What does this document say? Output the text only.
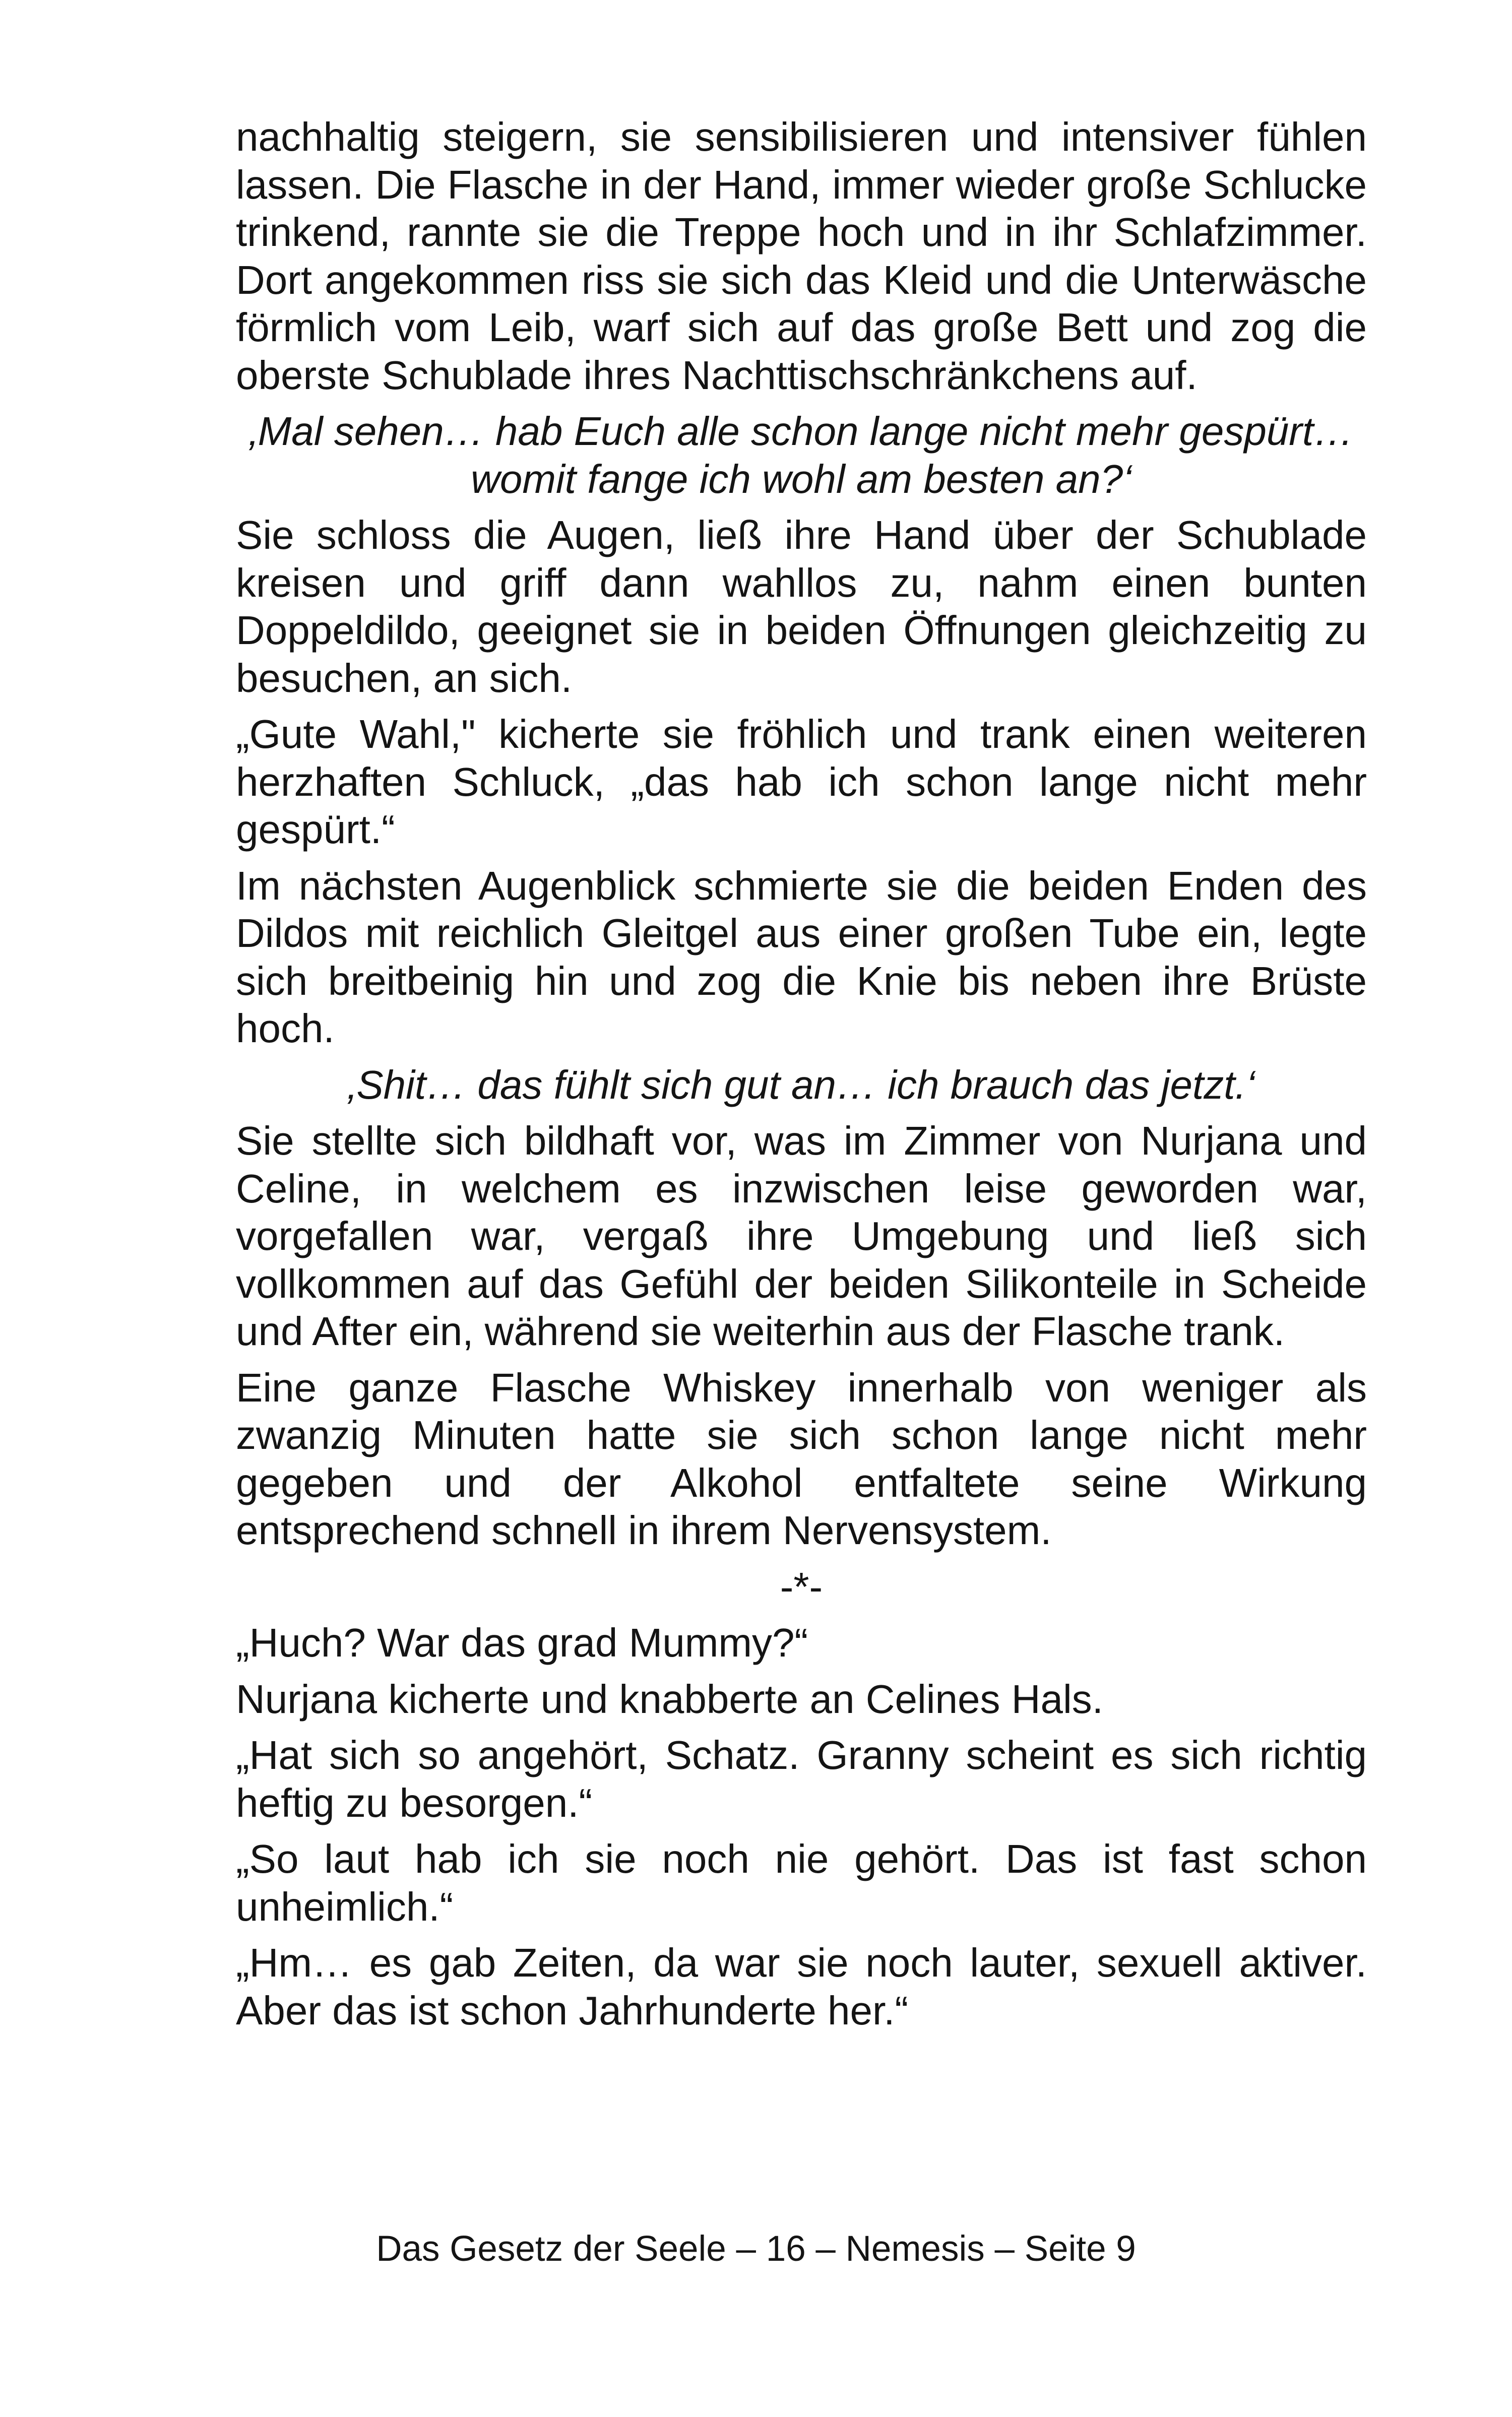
nachhaltig steigern, sie sensibilisieren und intensiver fühlen lassen. Die Flasche in der Hand, immer wieder große Schlucke trinkend, rannte sie die Treppe hoch und in ihr Schlafzimmer. Dort angekommen riss sie sich das Kleid und die Unterwäsche förmlich vom Leib, warf sich auf das große Bett und zog die oberste Schublade ihres Nachttischschränkchens auf.

‚Mal sehen… hab Euch alle schon lange nicht mehr gespürt…
womit fange ich wohl am besten an?‘

Sie schloss die Augen, ließ ihre Hand über der Schublade kreisen und griff dann wahllos zu, nahm einen bunten Doppeldildo, geeignet sie in beiden Öffnungen gleichzeitig zu besuchen, an sich.

„Gute Wahl," kicherte sie fröhlich und trank einen weiteren herzhaften Schluck, „das hab ich schon lange nicht mehr gespürt.“

Im nächsten Augenblick schmierte sie die beiden Enden des Dildos mit reichlich Gleitgel aus einer großen Tube ein, legte sich breitbeinig hin und zog die Knie bis neben ihre Brüste hoch.

‚Shit… das fühlt sich gut an… ich brauch das jetzt.‘

Sie stellte sich bildhaft vor, was im Zimmer von Nurjana und Celine, in welchem es inzwischen leise geworden war, vorgefallen war, vergaß ihre Umgebung und ließ sich vollkommen auf das Gefühl der beiden Silikonteile in Scheide und After ein, während sie weiterhin aus der Flasche trank.

Eine ganze Flasche Whiskey innerhalb von weniger als zwanzig Minuten hatte sie sich schon lange nicht mehr gegeben und der Alkohol entfaltete seine Wirkung entsprechend schnell in ihrem Nervensystem.

-*-

„Huch? War das grad Mummy?“

Nurjana kicherte und knabberte an Celines Hals.

„Hat sich so angehört, Schatz. Granny scheint es sich richtig heftig zu besorgen.“

„So laut hab ich sie noch nie gehört. Das ist fast schon unheimlich.“

„Hm… es gab Zeiten, da war sie noch lauter, sexuell aktiver. Aber das ist schon Jahrhunderte her.“

Das Gesetz der Seele – 16 – Nemesis – Seite 9
